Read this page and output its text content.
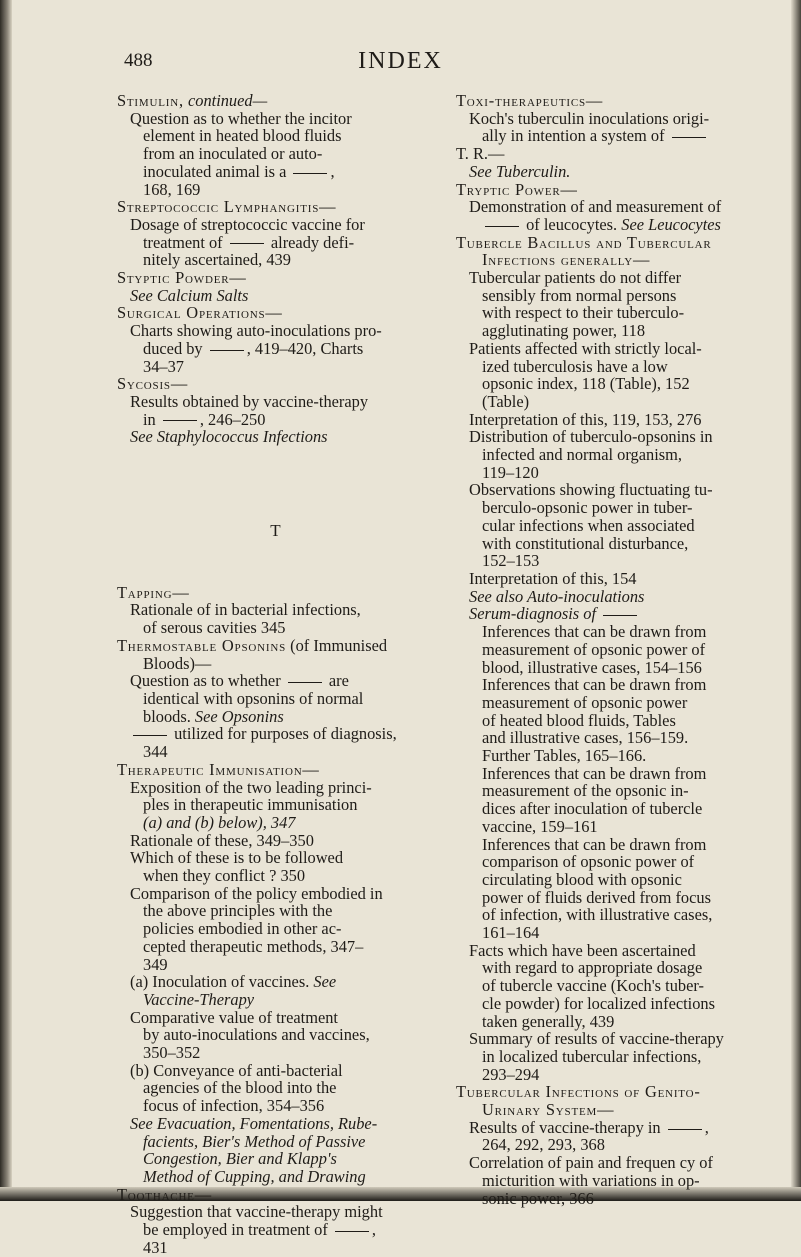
488	INDEX

Stimulin, continued—

Question as to whether the incitor

element in heated blood fluids

from an inoculated or auto-

inoculated animal is a	,

168, 169

Streptococcic Lymphangitis—

Dosage of streptococcic vaccine for

treatment of	already defi-

nitely ascertained, 439

Styptic Powder—

See Calcium Salts

Surgical Operations—

Charts showing auto-inoculations pro-

duced by	, 419–420, Charts

34–37

Sycosis—

Results obtained by vaccine-therapy

in	, 246–250

See Staphylococcus Infections

T

Tapping—

Rationale of in bacterial infections,

of serous cavities 345

Thermostable Opsonins (of Immunised

Bloods)—

Question as to whether	are

identical with opsonins of normal

bloods. See Opsonins

utilized for purposes of diagnosis,

344

Therapeutic Immunisation—

Exposition of the two leading princi-

ples in therapeutic immunisation

(a) and (b) below), 347

Rationale of these, 349–350

Which of these is to be followed

when they conflict ? 350

Comparison of the policy embodied in

the above principles with the

policies embodied in other ac-

cepted therapeutic methods, 347–

349

(a) Inoculation of vaccines. See

Vaccine-Therapy

Comparative value of treatment

by auto-inoculations and vaccines,

350–352

(b) Conveyance of anti-bacterial

agencies of the blood into the

focus of infection, 354–356

See Evacuation, Fomentations, Rube-

facients, Bier's Method of Passive

Congestion, Bier and Klapp's

Method of Cupping, and Drawing

Toothache—

Suggestion that vaccine-therapy might

be employed in treatment of	,

431

Toxi-therapeutics—

Koch's tuberculin inoculations origi-

ally in intention a system of

T. R.—

See Tuberculin.

Tryptic Power—

Demonstration of and measurement of

of leucocytes. See Leucocytes

Tubercle Bacillus and Tubercular

Infections generally—

Tubercular patients do not differ

sensibly from normal persons

with respect to their tuberculo-

agglutinating power, 118

Patients affected with strictly local-

ized tuberculosis have a low

opsonic index, 118 (Table), 152

(Table)

Interpretation of this, 119, 153, 276

Distribution of tuberculo-opsonins in

infected and normal organism,

119–120

Observations showing fluctuating tu-

berculo-opsonic power in tuber-

cular infections when associated

with constitutional disturbance,

152–153

Interpretation of this, 154

See also Auto-inoculations

Serum-diagnosis of

Inferences that can be drawn from

measurement of opsonic power of

blood, illustrative cases, 154–156

Inferences that can be drawn from

measurement of opsonic power

of heated blood fluids, Tables

and illustrative cases, 156–159.

Further Tables, 165–166.

Inferences that can be drawn from

measurement of the opsonic in-

dices after inoculation of tubercle

vaccine, 159–161

Inferences that can be drawn from

comparison of opsonic power of

circulating blood with opsonic

power of fluids derived from focus

of infection, with illustrative cases,

161–164

Facts which have been ascertained

with regard to appropriate dosage

of tubercle vaccine (Koch's tuber-

cle powder) for localized infections

taken generally, 439

Summary of results of vaccine-therapy

in localized tubercular infections,

293–294

Tubercular Infections of Genito-

Urinary System—

Results of vaccine-therapy in	,

264, 292, 293, 368

Correlation of pain and frequen cy of

micturition with variations in op-

sonic power, 366
